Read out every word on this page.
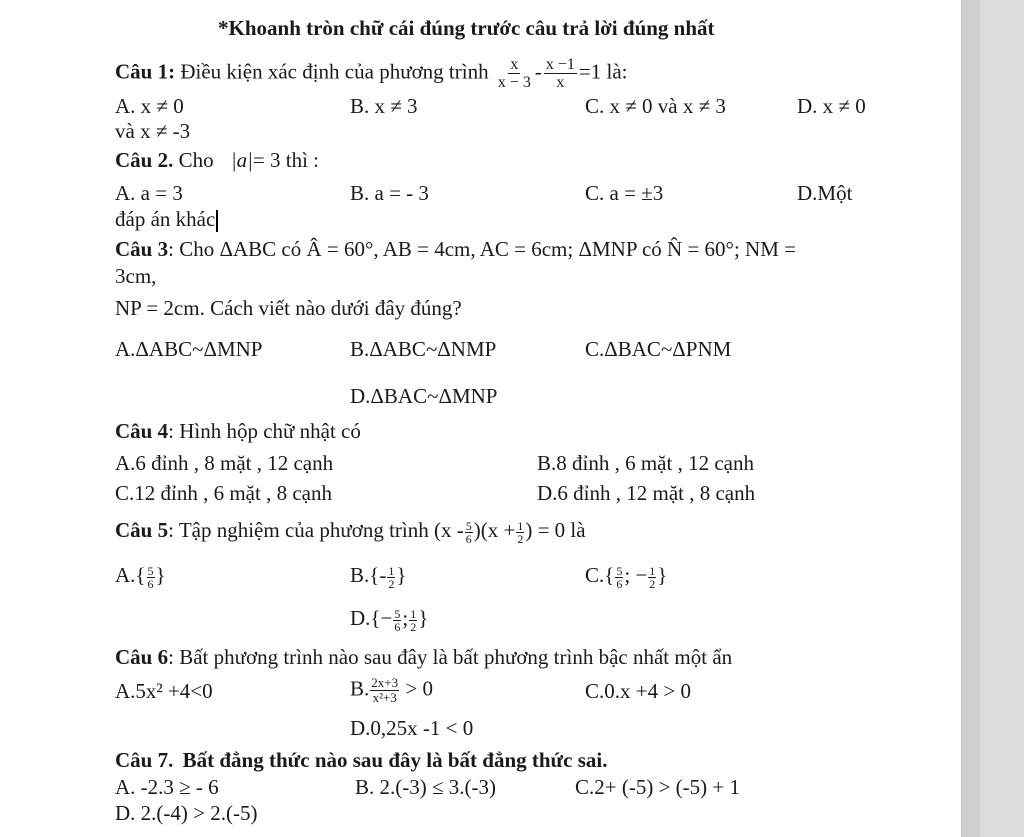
*Khoanh tròn chữ cái đúng trước câu trả lời đúng nhất
Câu 1: Điều kiện xác định của phương trình $\frac{x}{x - 3} - \frac{x -1}{x} =1$ là:
A. x ≠ 0	B. x ≠ 3	C. x ≠ 0 và x ≠ 3	D. x ≠ 0
và x ≠ -3
Câu 2. Cho |a|= 3 thì :
A. a = 3	B. a = - 3	C. a = ±3	D.Một
đáp án khác
Câu 3: Cho ΔABC có Â = 60°, AB = 4cm, AC = 6cm; ΔMNP có N̂ = 60°; NM =
3cm,
NP = 2cm. Cách viết nào dưới đây đúng?
A.ΔABC~ΔMNP	B.ΔABC~ΔNMP	C.ΔBAC~ΔPNM
D.ΔBAC~ΔMNP
Câu 4: Hình hộp chữ nhật có
A.6 đỉnh , 8 mặt , 12 cạnh	B.8 đỉnh , 6 mặt , 12 cạnh
C.12 đỉnh , 6 mặt , 8 cạnh	D.6 đỉnh , 12 mặt , 8 cạnh
Câu 5: Tập nghiệm của phương trình $(x - \frac{5}{6} )(x + \frac{1}{2}$ ) = 0 là
$A.\{ \frac{5}{6}$ }	$B.\{- \frac{1}{2}$ }	$C.\{ \frac{5}{6}$ ; − $\frac{1}{2}$ }
$D.\{- \frac{5}{6}$ ; $\frac{1}{2}$ }
Câu 6: Bất phương trình nào sau đây là bất phương trình bậc nhất một ẩn
A.5x² +4<0	B. $\frac{2x+3}{\text{x²+3}} > 0$	C.0.x +4 > 0
D.0,25x -1 < 0
Câu 7. Bất đẳng thức nào sau đây là bất đẳng thức sai.
A. -2.3 ≥ - 6	B. 2.(-3) ≤ 3.(-3)	C.2+ (-5) > (-5) + 1
D. 2.(-4) > 2.(-5)
